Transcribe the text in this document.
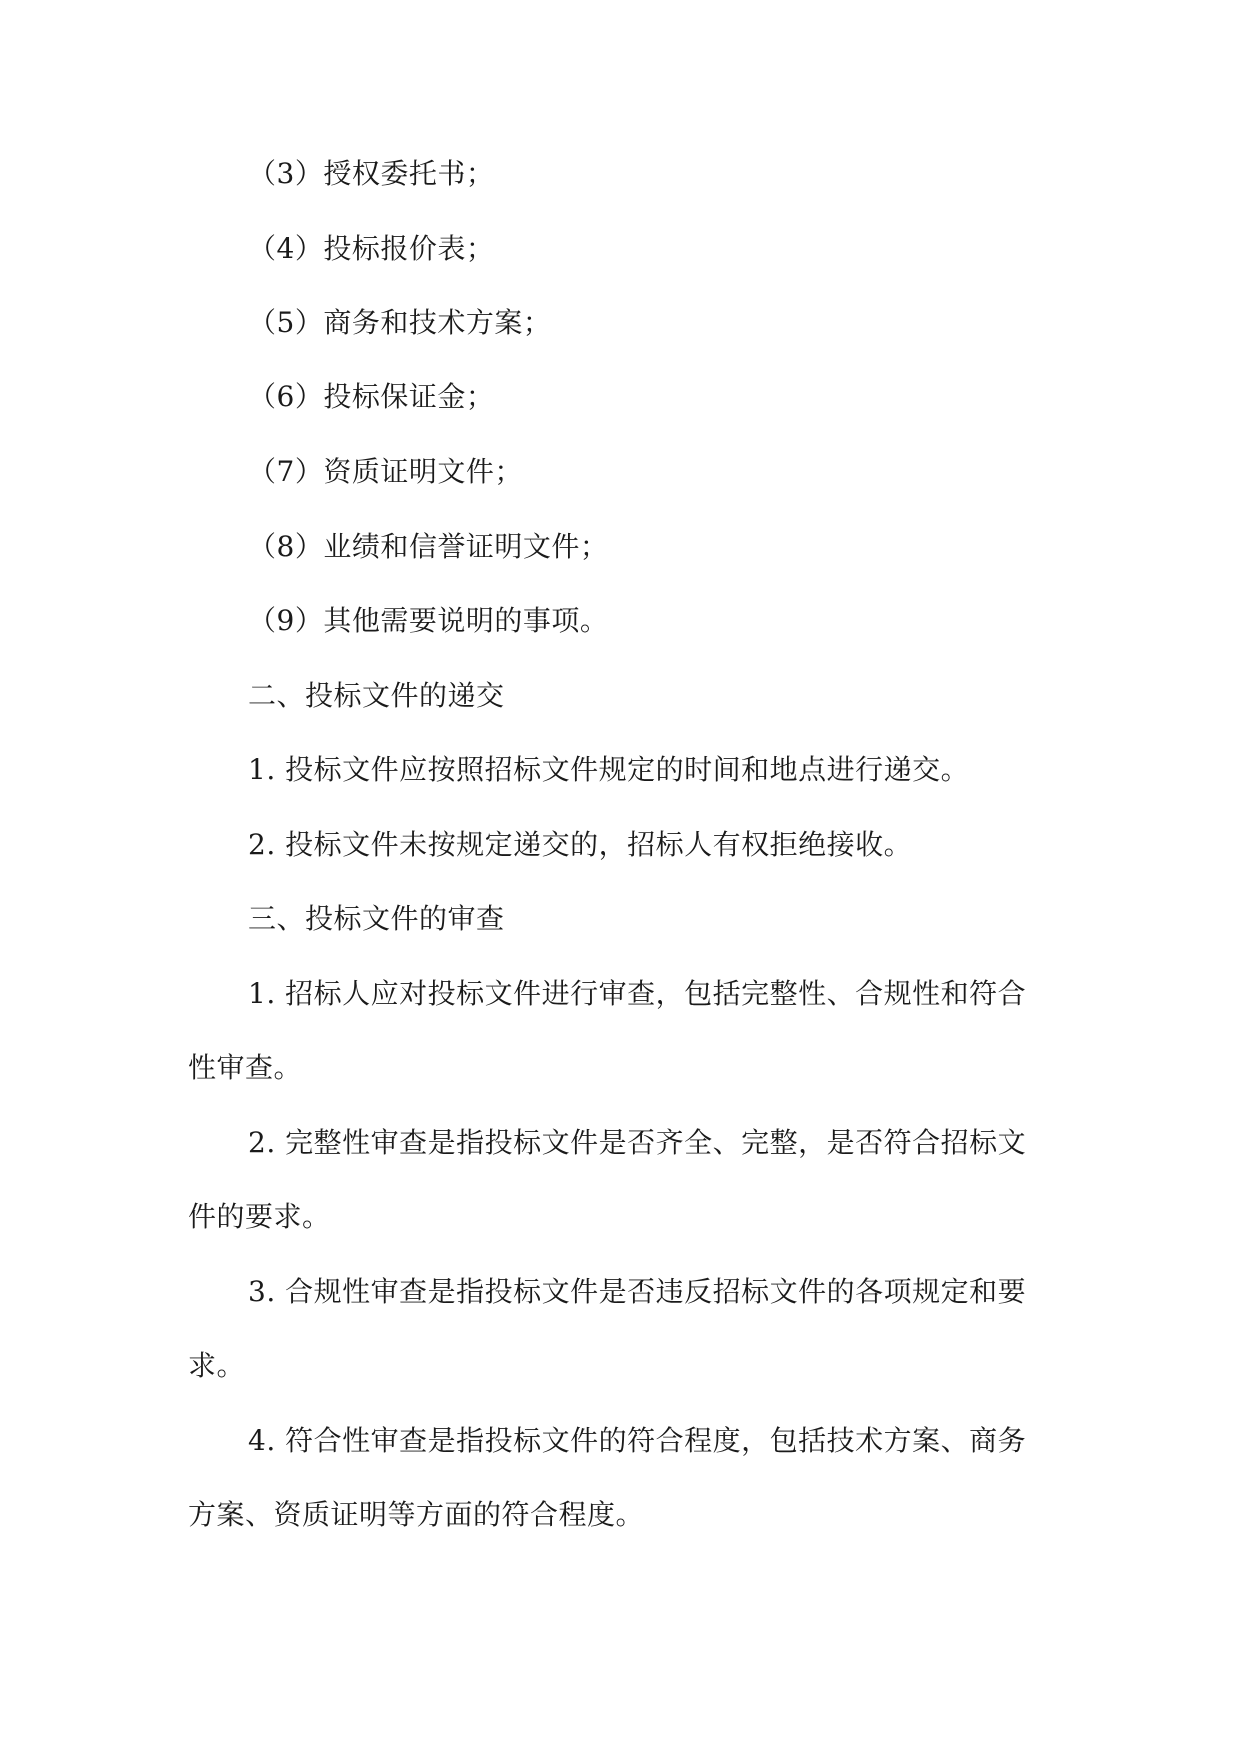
（3）授权委托书；
（4）投标报价表；
（5）商务和技术方案；
（6）投标保证金；
（7）资质证明文件；
（8）业绩和信誉证明文件；
（9）其他需要说明的事项。
二、投标文件的递交
1. 投标文件应按照招标文件规定的时间和地点进行递交。
2. 投标文件未按规定递交的，招标人有权拒绝接收。
三、投标文件的审查
1. 招标人应对投标文件进行审查，包括完整性、合规性和符合
性审查。
2. 完整性审查是指投标文件是否齐全、完整，是否符合招标文
件的要求。
3. 合规性审查是指投标文件是否违反招标文件的各项规定和要
求。
4. 符合性审查是指投标文件的符合程度，包括技术方案、商务
方案、资质证明等方面的符合程度。
